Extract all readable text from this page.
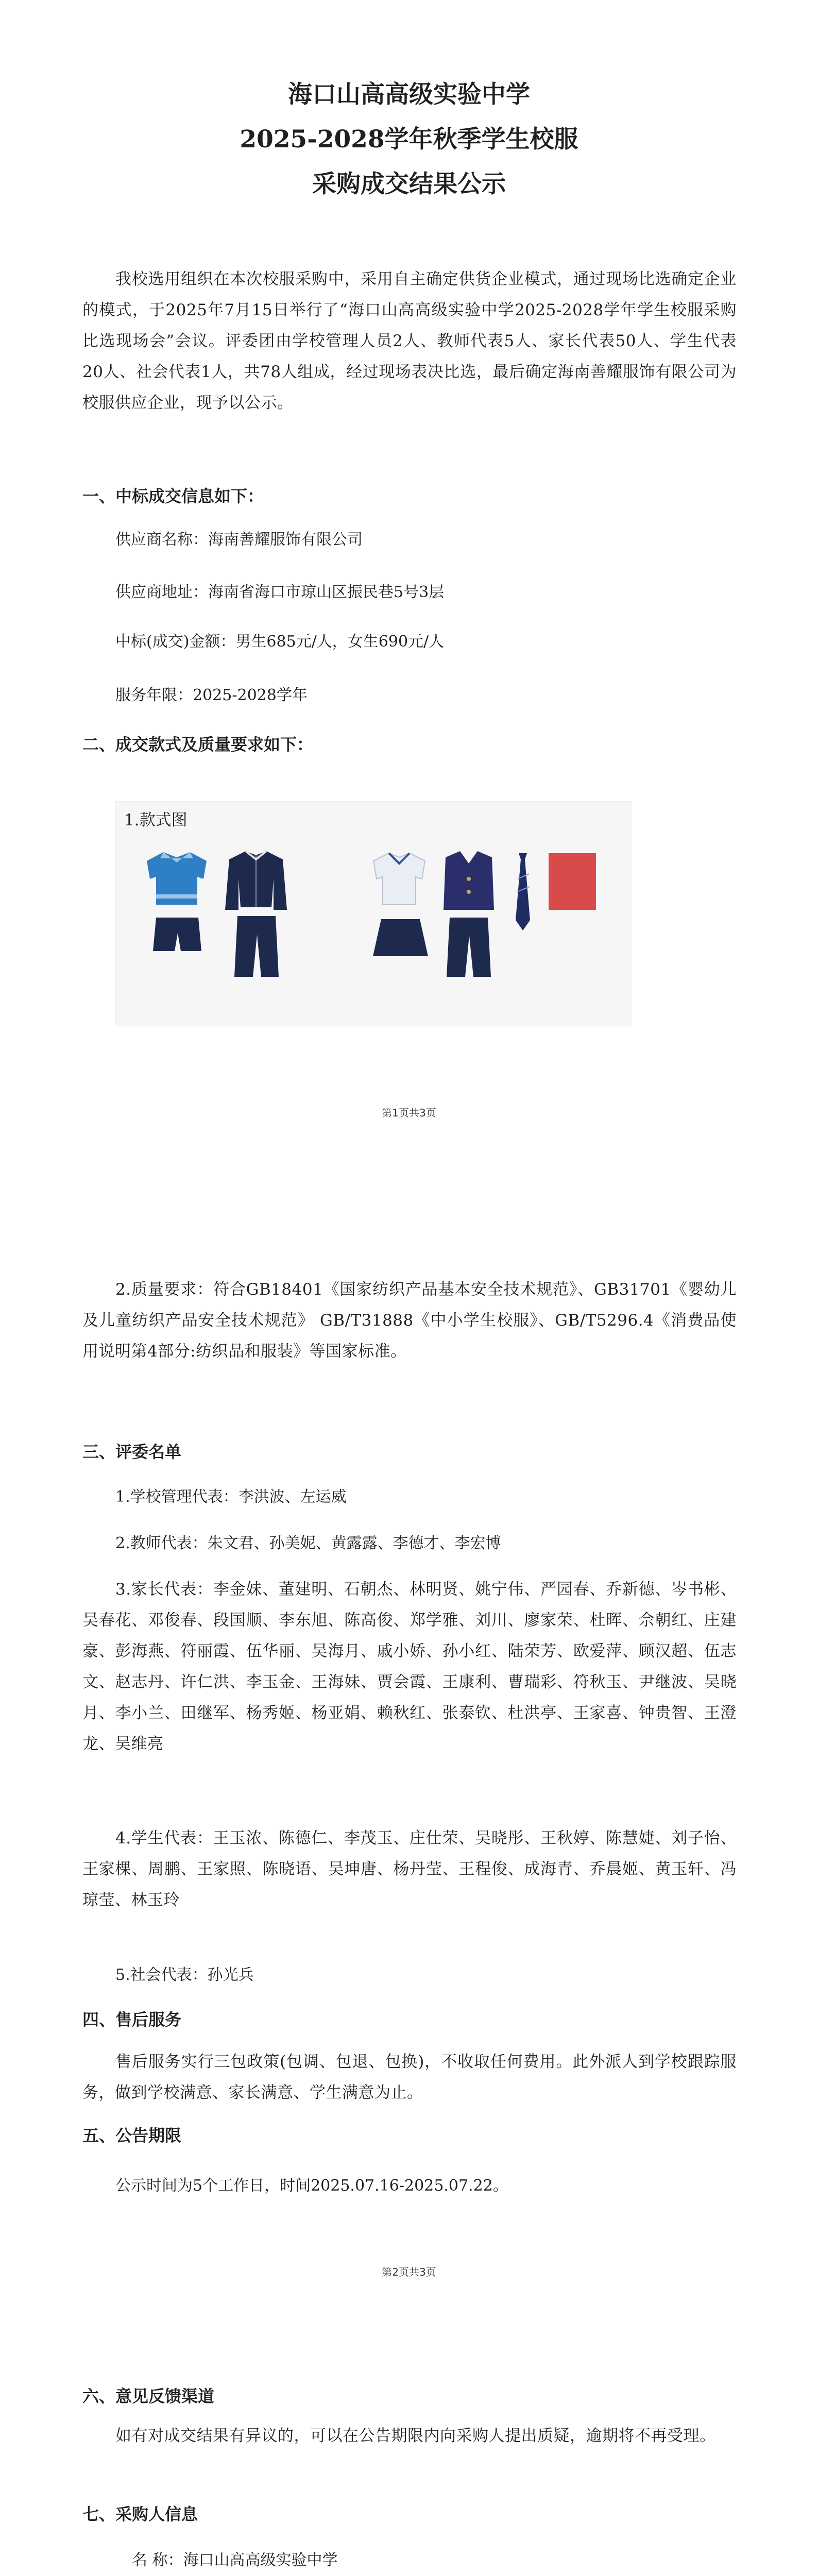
海口山高高级实验中学
2025-2028学年秋季学生校服
采购成交结果公示
我校选用组织在本次校服采购中，采用自主确定供货企业模式，通过现场比选确定企业的模式，于2025年7月15日举行了“海口山高高级实验中学2025-2028学年学生校服采购比选现场会”会议。评委团由学校管理人员2人、教师代表5人、家长代表50人、学生代表20人、社会代表1人，共78人组成，经过现场表决比选，最后确定海南善耀服饰有限公司为校服供应企业，现予以公示。
一、中标成交信息如下：
供应商名称：海南善耀服饰有限公司
供应商地址：海南省海口市琼山区振民巷5号3层
中标(成交)金额：男生685元/人，女生690元/人
服务年限：2025-2028学年
二、成交款式及质量要求如下：
1.款式图
第1页共3页
2.质量要求：符合GB18401《国家纺织产品基本安全技术规范》、GB31701《婴幼儿及儿童纺织产品安全技术规范》 GB/T31888《中小学生校服》、GB/T5296.4《消费品使用说明第4部分:纺织品和服装》等国家标准。
三、评委名单
1.学校管理代表：李洪波、左运威
2.教师代表：朱文君、孙美妮、黄露露、李德才、李宏博
3.家长代表：李金妹、董建明、石朝杰、林明贤、姚宁伟、严园春、乔新德、岑书彬、吴春花、邓俊春、段国顺、李东旭、陈高俊、郑学雅、刘川、廖家荣、杜晖、佘朝红、庄建豪、彭海燕、符丽霞、伍华丽、吴海月、戚小娇、孙小红、陆荣芳、欧爱萍、顾汉超、伍志文、赵志丹、许仁洪、李玉金、王海妹、贾会霞、王康利、曹瑞彩、符秋玉、尹继波、吴晓月、李小兰、田继军、杨秀姬、杨亚娟、赖秋红、张泰钦、杜洪亭、王家喜、钟贵智、王澄龙、吴维亮
4.学生代表：王玉浓、陈德仁、李茂玉、庄仕荣、吴晓彤、王秋婷、陈慧婕、刘子怡、王家棵、周鹏、王家照、陈晓语、吴坤唐、杨丹莹、王程俊、成海青、乔晨姬、黄玉轩、冯琼莹、林玉玲
5.社会代表：孙光兵
四、售后服务
售后服务实行三包政策(包调、包退、包换)，不收取任何费用。此外派人到学校跟踪服务，做到学校满意、家长满意、学生满意为止。
五、公告期限
公示时间为5个工作日，时间2025.07.16-2025.07.22。
第2页共3页
六、意见反馈渠道
如有对成交结果有异议的，可以在公告期限内向采购人提出质疑，逾期将不再受理。
七、采购人信息
名 称：海口山高高级实验中学
